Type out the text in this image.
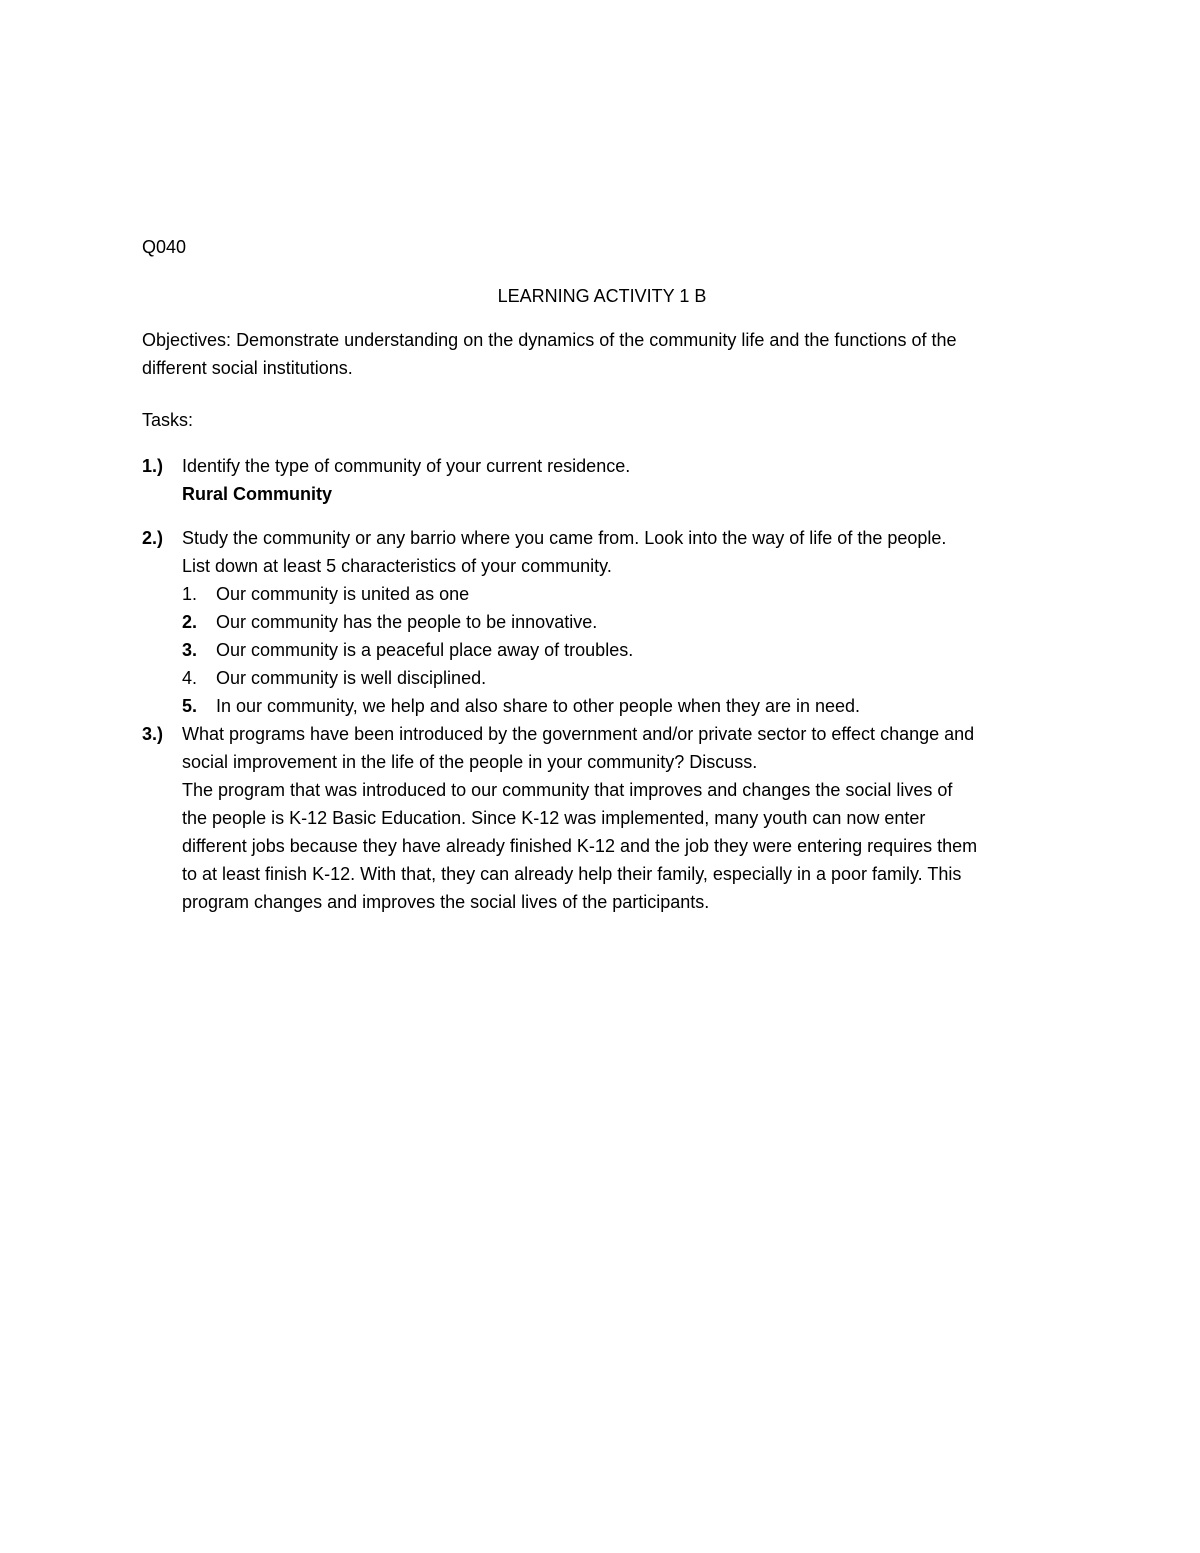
Q040
LEARNING ACTIVITY 1 B
Objectives: Demonstrate understanding on the dynamics of the community life and the functions of the
different social institutions.
Tasks:
1.)	Identify the type of community of your current residence.
Rural Community
2.)	Study the community or any barrio where you came from. Look into the way of life of the people.
List down at least 5 characteristics of your community.
1. Our community is united as one
2. Our community has the people to be innovative.
3. Our community is a peaceful place away of troubles.
4. Our community is well disciplined.
5. In our community, we help and also share to other people when they are in need.
3.)	What programs have been introduced by the government and/or private sector to effect change and
social improvement in the life of the people in your community? Discuss.
The program that was introduced to our community that improves and changes the social lives of
the people is K-12 Basic Education. Since K-12 was implemented, many youth can now enter
different jobs because they have already finished K-12 and the job they were entering requires them
to at least finish K-12. With that, they can already help their family, especially in a poor family. This
program changes and improves the social lives of the participants.
